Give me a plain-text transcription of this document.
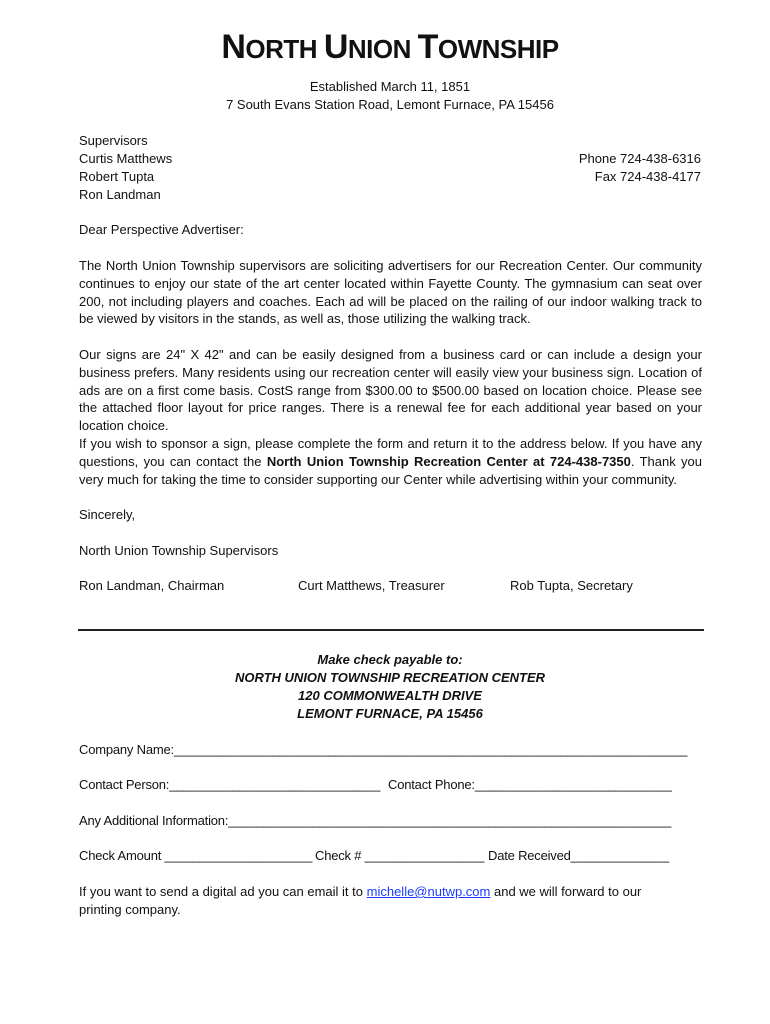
NORTH UNION TOWNSHIP
Established March 11, 1851
7 South Evans Station Road, Lemont Furnace, PA 15456
Supervisors
Curtis Matthews
Robert Tupta
Ron Landman
Phone 724-438-6316
Fax 724-438-4177
Dear Perspective Advertiser:
The North Union Township supervisors are soliciting advertisers for our Recreation Center. Our community continues to enjoy our state of the art center located within Fayette County. The gymnasium can seat over 200, not including players and coaches. Each ad will be placed on the railing of our indoor walking track to be viewed by visitors in the stands, as well as, those utilizing the walking track.
Our signs are 24" X 42" and can be easily designed from a business card or can include a design your business prefers. Many residents using our recreation center will easily view your business sign. Location of ads are on a first come basis. CostS range from $300.00 to $500.00 based on location choice. Please see the attached floor layout for price ranges. There is a renewal fee for each additional year based on your location choice.
If you wish to sponsor a sign, please complete the form and return it to the address below. If you have any questions, you can contact the North Union Township Recreation Center at 724-438-7350. Thank you very much for taking the time to consider supporting our Center while advertising within your community.
Sincerely,
North Union Township Supervisors
Ron Landman, Chairman	Curt Matthews, Treasurer	Rob Tupta, Secretary
Make check payable to:
NORTH UNION TOWNSHIP RECREATION CENTER
120 COMMONWEALTH DRIVE
LEMONT FURNACE, PA 15456
Company Name:_________________________________________________________________________
Contact Person:______________________________ Contact Phone:____________________________
Any Additional Information:_______________________________________________________________
Check Amount _____________________ Check # _________________ Date Received______________
If you want to send a digital ad you can email it to michelle@nutwp.com and we will forward to our printing company.
